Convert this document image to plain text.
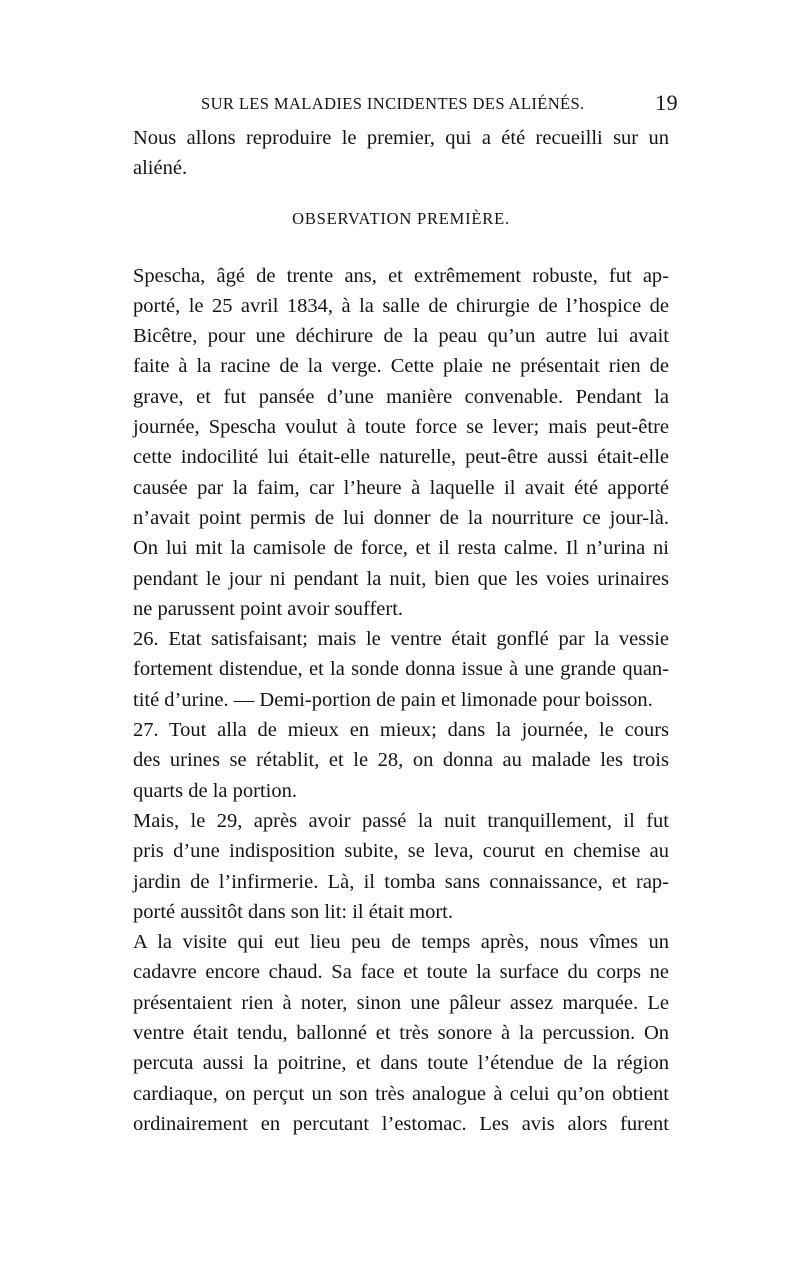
SUR LES MALADIES INCIDENTES DES ALIÉNÉS.	19

Nous allons reproduire le premier, qui a été recueilli sur un
aliéné.

OBSERVATION PREMIÈRE.

Spescha, âgé de trente ans, et extrêmement robuste, fut ap-
porté, le 25 avril 1834, à la salle de chirurgie de l’hospice de
Bicêtre, pour une déchirure de la peau qu’un autre lui avait
faite à la racine de la verge. Cette plaie ne présentait rien de
grave, et fut pansée d’une manière convenable. Pendant la
journée, Spescha voulut à toute force se lever; mais peut-être
cette indocilité lui était-elle naturelle, peut-être aussi était-elle
causée par la faim, car l’heure à laquelle il avait été apporté
n’avait point permis de lui donner de la nourriture ce jour-là.
On lui mit la camisole de force, et il resta calme. Il n’urina ni
pendant le jour ni pendant la nuit, bien que les voies urinaires
ne parussent point avoir souffert.

26. Etat satisfaisant; mais le ventre était gonflé par la vessie
fortement distendue, et la sonde donna issue à une grande quan-
tité d’urine. — Demi-portion de pain et limonade pour boisson.

27. Tout alla de mieux en mieux; dans la journée, le cours
des urines se rétablit, et le 28, on donna au malade les trois
quarts de la portion.

Mais, le 29, après avoir passé la nuit tranquillement, il fut
pris d’une indisposition subite, se leva, courut en chemise au
jardin de l’infirmerie. Là, il tomba sans connaissance, et rap-
porté aussitôt dans son lit: il était mort.

A la visite qui eut lieu peu de temps après, nous vîmes un
cadavre encore chaud. Sa face et toute la surface du corps ne
présentaient rien à noter, sinon une pâleur assez marquée. Le
ventre était tendu, ballonné et très sonore à la percussion. On
percuta aussi la poitrine, et dans toute l’étendue de la région
cardiaque, on perçut un son très analogue à celui qu’on obtient
ordinairement en percutant l’estomac. Les avis alors furent
